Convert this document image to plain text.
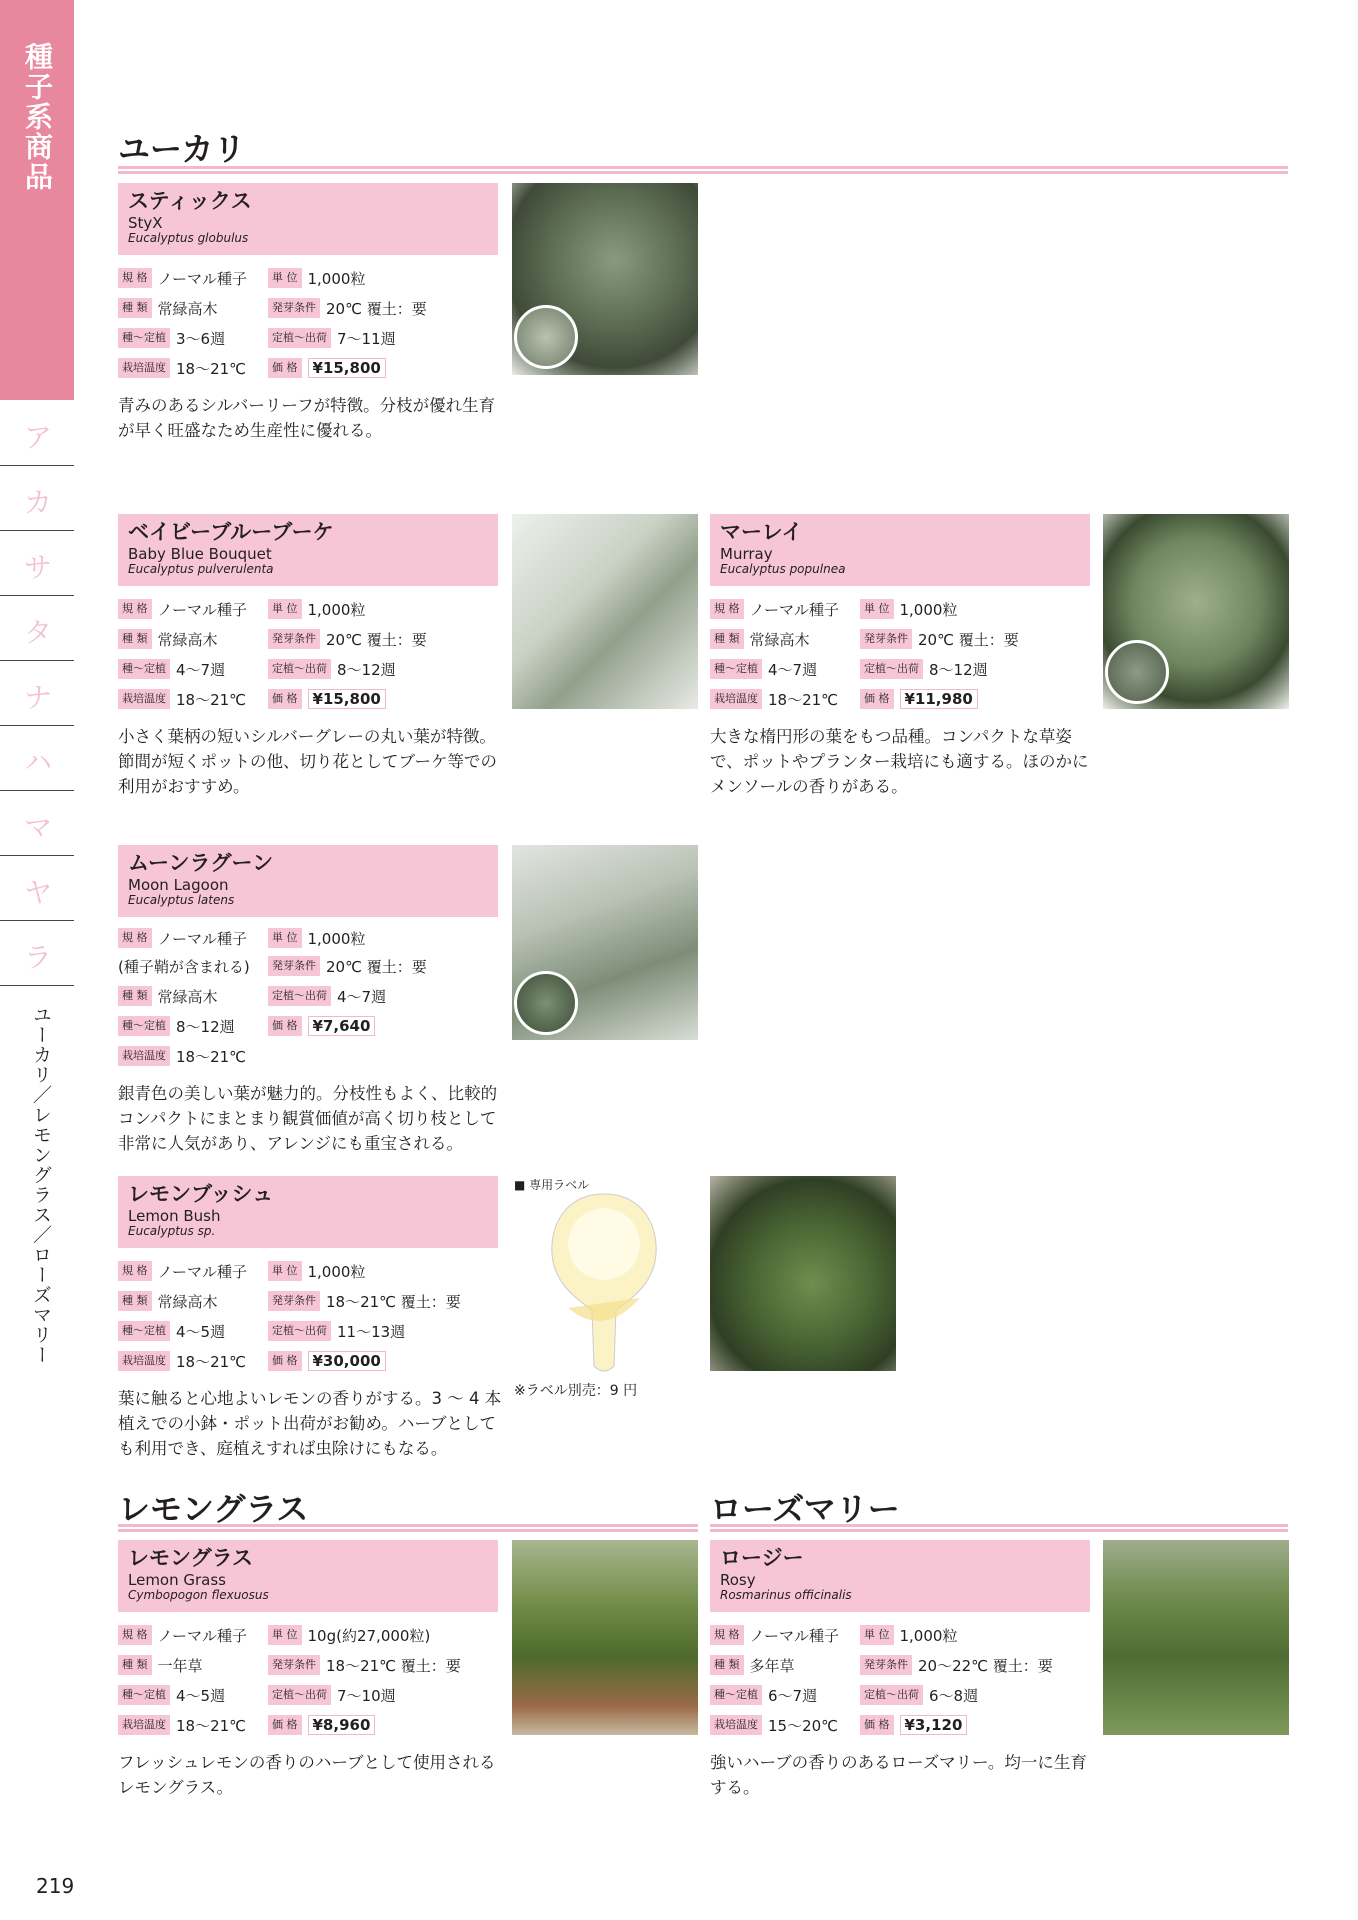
種子系商品
ア
カ
サ
タ
ナ
ハ
マ
ヤ
ラ
ユーカリ／レモングラス／ローズマリー
219
ユーカリ
スティックス
StyX
Eucalyptus globulus
規 格 ノーマル種子	単 位 1,000粒
種 類 常緑高木	発芽条件 20℃ 覆土：要
種～定植 3～6週	定植～出荷 7～11週
栽培温度 18～21℃	価 格	¥15,800
青みのあるシルバーリーフが特徴。分枝が優れ生育が早く旺盛なため生産性に優れる。
ベイビーブルーブーケ
Baby Blue Bouquet
Eucalyptus pulverulenta
規 格 ノーマル種子	単 位 1,000粒
種 類 常緑高木	発芽条件 20℃ 覆土：要
種～定植 4～7週	定植～出荷 8～12週
栽培温度 18～21℃	価 格	¥15,800
小さく葉柄の短いシルバーグレーの丸い葉が特徴。節間が短くポットの他、切り花としてブーケ等での利用がおすすめ。
マーレイ
Murray
Eucalyptus populnea
規 格 ノーマル種子	単 位 1,000粒
種 類 常緑高木	発芽条件 20℃ 覆土：要
種～定植 4～7週	定植～出荷 8～12週
栽培温度 18～21℃	価 格	¥11,980
大きな楕円形の葉をもつ品種。コンパクトな草姿で、ポットやプランター栽培にも適する。ほのかにメンソールの香りがある。
ムーンラグーン
Moon Lagoon
Eucalyptus latens
規 格 ノーマル種子	単 位 1,000粒
(種子鞘が含まれる)	発芽条件 20℃ 覆土：要
種 類 常緑高木	定植～出荷 4～7週
種～定植 8～12週	価 格	¥7,640
栽培温度 18～21℃
銀青色の美しい葉が魅力的。分枝性もよく、比較的コンパクトにまとまり観賞価値が高く切り枝として非常に人気があり、アレンジにも重宝される。
レモンブッシュ
Lemon Bush
Eucalyptus sp.
規 格 ノーマル種子	単 位 1,000粒
種 類 常緑高木	発芽条件 18～21℃ 覆土：要
種～定植 4～5週	定植～出荷 11～13週
栽培温度 18～21℃	価 格	¥30,000
葉に触ると心地よいレモンの香りがする。3 ～ 4 本植えでの小鉢・ポット出荷がお勧め。ハーブとしても利用でき、庭植えすれば虫除けにもなる。
■ 専用ラベル
※ラベル別売：9 円
レモングラス	ローズマリー
レモングラス
Lemon Grass
Cymbopogon flexuosus
規 格 ノーマル種子	単 位 10g(約27,000粒)
種 類 一年草	発芽条件 18～21℃ 覆土：要
種～定植 4～5週	定植～出荷 7～10週
栽培温度 18～21℃	価 格	¥8,960
フレッシュレモンの香りのハーブとして使用されるレモングラス。
ロージー
Rosy
Rosmarinus officinalis
規 格 ノーマル種子	単 位 1,000粒
種 類 多年草	発芽条件 20～22℃ 覆土：要
種～定植 6～7週	定植～出荷 6～8週
栽培温度 15～20℃	価 格	¥3,120
強いハーブの香りのあるローズマリー。均一に生育する。
